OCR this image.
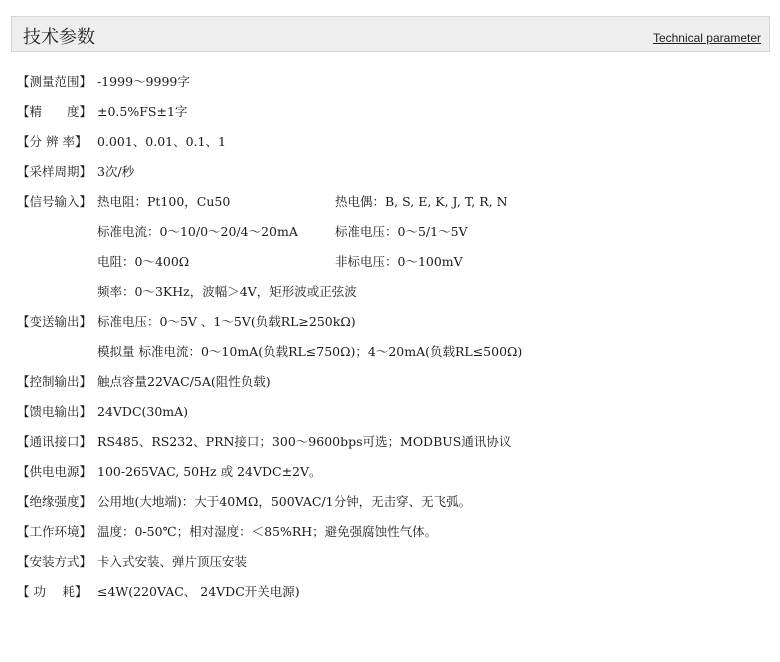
技术参数	Technical parameter
【测量范围】 -1999～9999字
【精　　度】 ±0.5%FS±1字
【分 辨 率】 0.001、0.01、0.1、1
【采样周期】 3次/秒
【信号输入】 热电阻：Pt100，Cu50	热电偶：B, S, E, K, J, T, R, N
标准电流：0～10/0～20/4～20mA	标准电压：0～5/1～5V
电阻：0～400Ω	非标电压：0～100mV
频率：0～3KHz，波幅＞4V，矩形波或正弦波
【变送输出】 标准电压：0～5V 、1～5V(负载RL≥250kΩ)
模拟量 标准电流：0～10mA(负载RL≤750Ω)；4～20mA(负载RL≤500Ω)
【控制输出】 触点容量22VAC/5A(阻性负载)
【馈电输出】 24VDC(30mA)
【通讯接口】 RS485、RS232、PRN接口；300～9600bps可选；MODBUS通讯协议
【供电电源】 100-265VAC, 50Hz 或 24VDC±2V。
【绝缘强度】 公用地(大地端)：大于40MΩ，500VAC/1分钟，无击穿、无飞弧。
【工作环境】 温度：0-50℃；相对湿度：＜85%RH；避免强腐蚀性气体。
【安装方式】 卡入式安装、弹片顶压安装
【 功　 耗】 ≤4W(220VAC、 24VDC开关电源)
